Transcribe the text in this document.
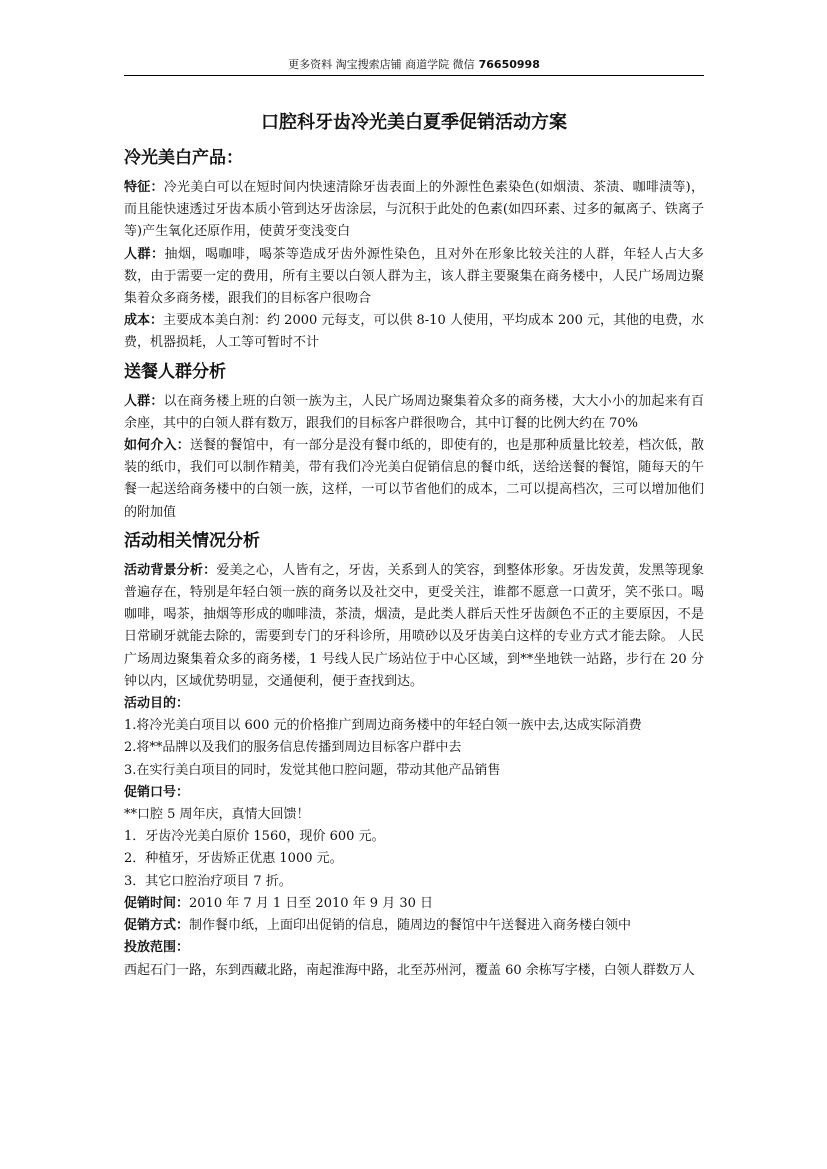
更多资料 淘宝搜索店铺 商道学院 微信 76650998
口腔科牙齿冷光美白夏季促销活动方案
冷光美白产品：

特征：冷光美白可以在短时间内快速清除牙齿表面上的外源性色素染色(如烟渍、茶渍、咖啡渍等)，而且能快速透过牙齿本质小管到达牙齿涂层，与沉积于此处的色素(如四环素、过多的氟离子、铁离子等)产生氧化还原作用，使黄牙变浅变白

人群：抽烟，喝咖啡，喝茶等造成牙齿外源性染色，且对外在形象比较关注的人群，年轻人占大多数，由于需要一定的费用，所有主要以白领人群为主，该人群主要聚集在商务楼中，人民广场周边聚集着众多商务楼，跟我们的目标客户很吻合

成本：主要成本美白剂：约 2000 元每支，可以供 8-10 人使用，平均成本 200 元，其他的电费，水费，机器损耗，人工等可暂时不计

送餐人群分析

人群：以在商务楼上班的白领一族为主，人民广场周边聚集着众多的商务楼，大大小小的加起来有百余座，其中的白领人群有数万，跟我们的目标客户群很吻合，其中订餐的比例大约在 70%

如何介入：送餐的餐馆中，有一部分是没有餐巾纸的，即使有的，也是那种质量比较差，档次低，散装的纸巾，我们可以制作精美，带有我们冷光美白促销信息的餐巾纸，送给送餐的餐馆，随每天的午餐一起送给商务楼中的白领一族，这样，一可以节省他们的成本，二可以提高档次，三可以增加他们的附加值

活动相关情况分析

活动背景分析：爱美之心，人皆有之，牙齿，关系到人的笑容，到整体形象。牙齿发黄，发黑等现象普遍存在，特别是年轻白领一族的商务以及社交中，更受关注，谁都不愿意一口黄牙，笑不张口。喝咖啡，喝茶，抽烟等形成的咖啡渍，茶渍，烟渍，是此类人群后天性牙齿颜色不正的主要原因，不是日常刷牙就能去除的，需要到专门的牙科诊所，用喷砂以及牙齿美白这样的专业方式才能去除。 人民广场周边聚集着众多的商务楼，1 号线人民广场站位于中心区域，到**坐地铁一站路，步行在 20 分钟以内，区域优势明显，交通便利，便于查找到达。

活动目的：

1.将冷光美白项目以 600 元的价格推广到周边商务楼中的年轻白领一族中去,达成实际消费

2.将**品牌以及我们的服务信息传播到周边目标客户群中去

3.在实行美白项目的同时，发觉其他口腔问题，带动其他产品销售

促销口号：

**口腔 5 周年庆，真情大回馈！

1．牙齿冷光美白原价 1560，现价 600 元。

2．种植牙，牙齿矫正优惠 1000 元。

3．其它口腔治疗项目 7 折。

促销时间：2010 年 7 月 1 日至 2010 年 9 月 30 日

促销方式：制作餐巾纸，上面印出促销的信息，随周边的餐馆中午送餐进入商务楼白领中

投放范围：

西起石门一路，东到西藏北路，南起淮海中路，北至苏州河，覆盖 60 余栋写字楼，白领人群数万人
